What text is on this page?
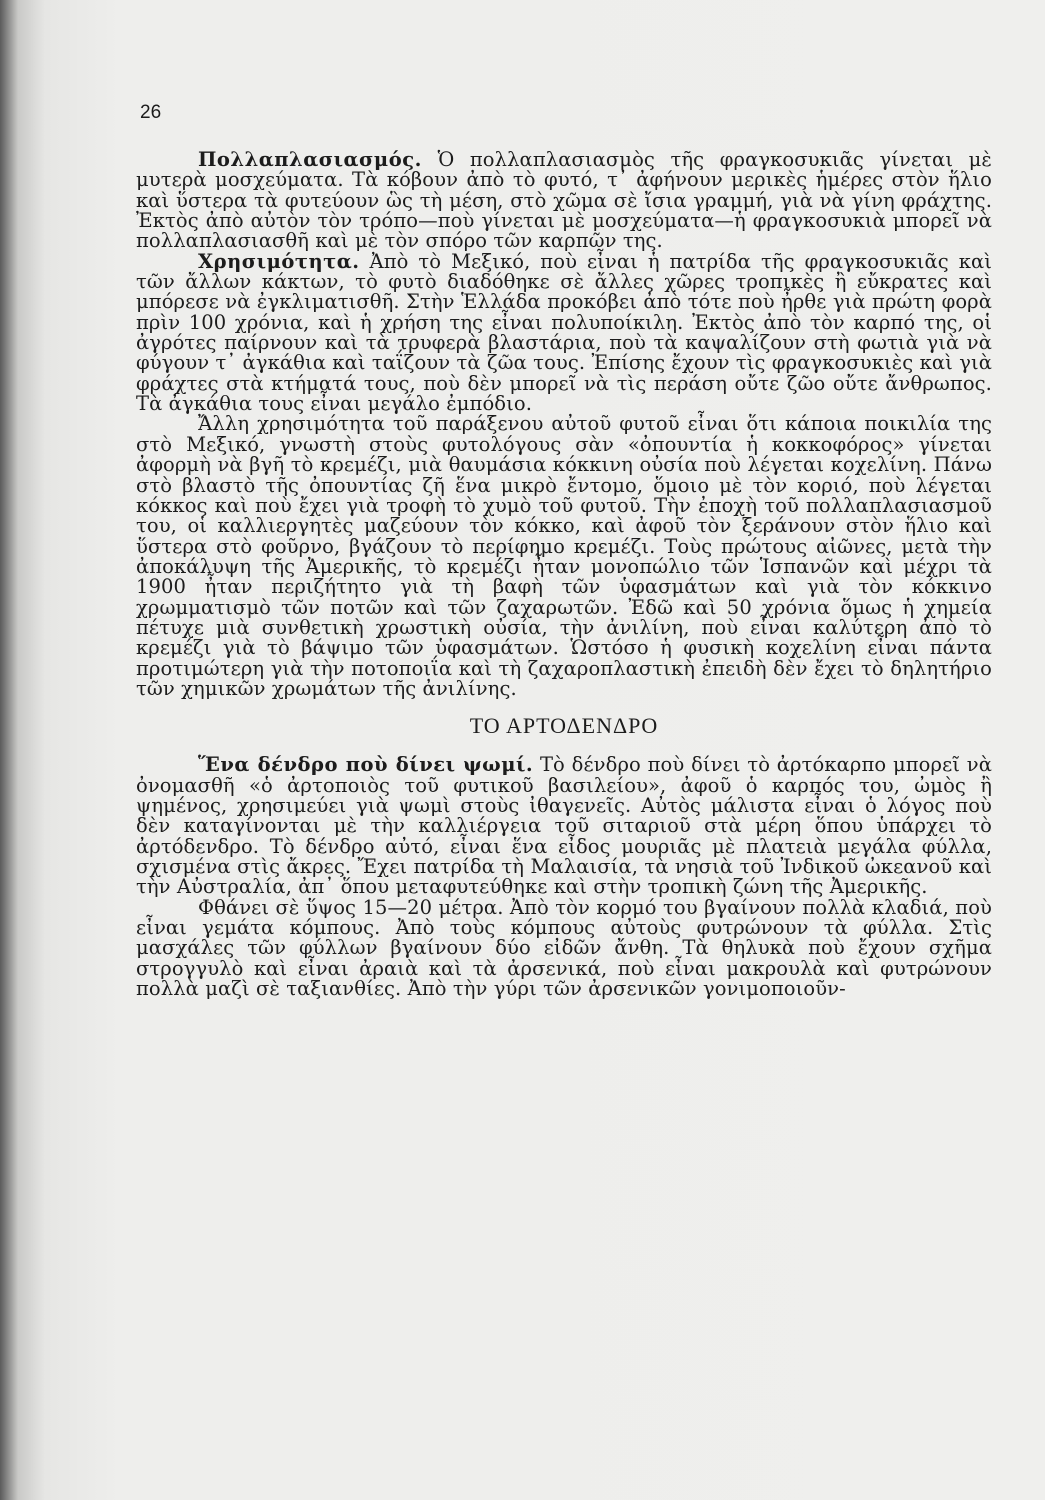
26

Πολλαπλασιασμός. Ὁ πολλαπλασιασμὸς τῆς φραγκοσυκιᾶς γίνεται μὲ μυτερὰ μοσχεύματα. Τὰ κόβουν ἀπὸ τὸ φυτό, τ᾽ ἀφήνουν μερικὲς ἡμέρες στὸν ἥλιο καὶ ὕστερα τὰ φυτεύουν ὣς τὴ μέση, στὸ χῶμα σὲ ἴσια γραμμή, γιὰ νὰ γίνη φράχτης. Ἐκτὸς ἀπὸ αὐτὸν τὸν τρόπο—ποὺ γίνεται μὲ μοσχεύματα—ἡ φραγκοσυκιὰ μπορεῖ νὰ πολλαπλασιασθῆ καὶ μὲ τὸν σπόρο τῶν καρπῶν της.

Χρησιμότητα. Ἀπὸ τὸ Μεξικό, ποὺ εἶναι ἡ πατρίδα τῆς φραγκοσυκιᾶς καὶ τῶν ἄλλων κάκτων, τὸ φυτὸ διαδόθηκε σὲ ἄλλες χῶρες τροπικὲς ἢ εὔκρατες καὶ μπόρεσε νὰ ἐγκλιματισθῆ. Στὴν Ἑλλάδα προκόβει ἀπὸ τότε ποὺ ἦρθε γιὰ πρώτη φορὰ πρὶν 100 χρόνια, καὶ ἡ χρήση της εἶναι πολυποίκιλη. Ἐκτὸς ἀπὸ τὸν καρπό της, οἱ ἀγρότες παίρνουν καὶ τὰ τρυφερὰ βλαστάρια, ποὺ τὰ καψαλίζουν στὴ φωτιὰ γιὰ νὰ φύγουν τ᾽ ἀγκάθια καὶ ταΐζουν τὰ ζῶα τους. Ἐπίσης ἔχουν τὶς φραγκοσυκιὲς καὶ γιὰ φράχτες στὰ κτήματά τους, ποὺ δὲν μπορεῖ νὰ τὶς περάση οὔτε ζῶο οὔτε ἄνθρωπος. Τὰ ἀγκάθια τους εἶναι μεγάλο ἐμπόδιο.

Ἄλλη χρησιμότητα τοῦ παράξενου αὐτοῦ φυτοῦ εἶναι ὅτι κάποια ποικιλία της στὸ Μεξικό, γνωστὴ στοὺς φυτολόγους σὰν «ὀπουντία ἡ κοκκοφόρος» γίνεται ἀφορμὴ νὰ βγῆ τὸ κρεμέζι, μιὰ θαυμάσια κόκκινη οὐσία ποὺ λέγεται κοχελίνη. Πάνω στὸ βλαστὸ τῆς ὀπουντίας ζῆ ἕνα μικρὸ ἔντομο, ὅμοιο μὲ τὸν κοριό, ποὺ λέγεται κόκκος καὶ ποὺ ἔχει γιὰ τροφὴ τὸ χυμὸ τοῦ φυτοῦ. Τὴν ἐποχὴ τοῦ πολλαπλασιασμοῦ του, οἱ καλλιεργητὲς μαζεύουν τὸν κόκκο, καὶ ἀφοῦ τὸν ξεράνουν στὸν ἥλιο καὶ ὕστερα στὸ φοῦρνο, βγάζουν τὸ περίφημο κρεμέζι. Τοὺς πρώτους αἰῶνες, μετὰ τὴν ἀποκάλυψη τῆς Ἀμερικῆς, τὸ κρεμέζι ἦταν μονοπώλιο τῶν Ἱσπανῶν καὶ μέχρι τὰ 1900 ἦταν περιζήτητο γιὰ τὴ βαφὴ τῶν ὑφασμάτων καὶ γιὰ τὸν κόκκινο χρωμματισμὸ τῶν ποτῶν καὶ τῶν ζαχαρωτῶν. Ἐδῶ καὶ 50 χρόνια ὅμως ἡ χημεία πέτυχε μιὰ συνθετικὴ χρωστικὴ οὐσία, τὴν ἀνιλίνη, ποὺ εἶναι καλύτερη ἀπὸ τὸ κρεμέζι γιὰ τὸ βάψιμο τῶν ὑφασμάτων. Ὡστόσο ἡ φυσικὴ κοχελίνη εἶναι πάντα προτιμώτερη γιὰ τὴν ποτοποιΐα καὶ τὴ ζαχαροπλαστικὴ ἐπειδὴ δὲν ἔχει τὸ δηλητήριο τῶν χημικῶν χρωμάτων τῆς ἀνιλίνης.

ΤΟ ΑΡΤΟΔΕΝΔΡΟ

Ἕνα δένδρο ποὺ δίνει ψωμί. Τὸ δένδρο ποὺ δίνει τὸ ἀρτόκαρπο μπορεῖ νὰ ὀνομασθῆ «ὁ ἀρτοποιὸς τοῦ φυτικοῦ βασιλείου», ἀφοῦ ὁ καρπός του, ὠμὸς ἢ ψημένος, χρησιμεύει γιὰ ψωμὶ στοὺς ἰθαγενεῖς. Αὐτὸς μάλιστα εἶναι ὁ λόγος ποὺ δὲν καταγίνονται μὲ τὴν καλλιέργεια τοῦ σιταριοῦ στὰ μέρη ὅπου ὑπάρχει τὸ ἀρτόδενδρο. Τὸ δένδρο αὐτό, εἶναι ἕνα εἶδος μουριᾶς μὲ πλατειὰ μεγάλα φύλλα, σχισμένα στὶς ἄκρες. Ἔχει πατρίδα τὴ Μαλαισία, τὰ νησιὰ τοῦ Ἰνδικοῦ ὠκεανοῦ καὶ τὴν Αὐστραλία, ἀπ᾽ ὅπου μεταφυτεύθηκε καὶ στὴν τροπικὴ ζώνη τῆς Ἀμερικῆς.

Φθάνει σὲ ὕψος 15—20 μέτρα. Ἀπὸ τὸν κορμό του βγαίνουν πολλὰ κλαδιά, ποὺ εἶναι γεμάτα κόμπους. Ἀπὸ τοὺς κόμπους αὐτοὺς φυτρώνουν τὰ φύλλα. Στὶς μασχάλες τῶν φύλλων βγαίνουν δύο εἰδῶν ἄνθη. Τὰ θηλυκὰ ποὺ ἔχουν σχῆμα στρογγυλὸ καὶ εἶναι ἀραιὰ καὶ τὰ ἀρσενικά, ποὺ εἶναι μακρουλὰ καὶ φυτρώνουν πολλὰ μαζὶ σὲ ταξιανθίες. Ἀπὸ τὴν γύρι τῶν ἀρσενικῶν γονιμοποιοῦν-
